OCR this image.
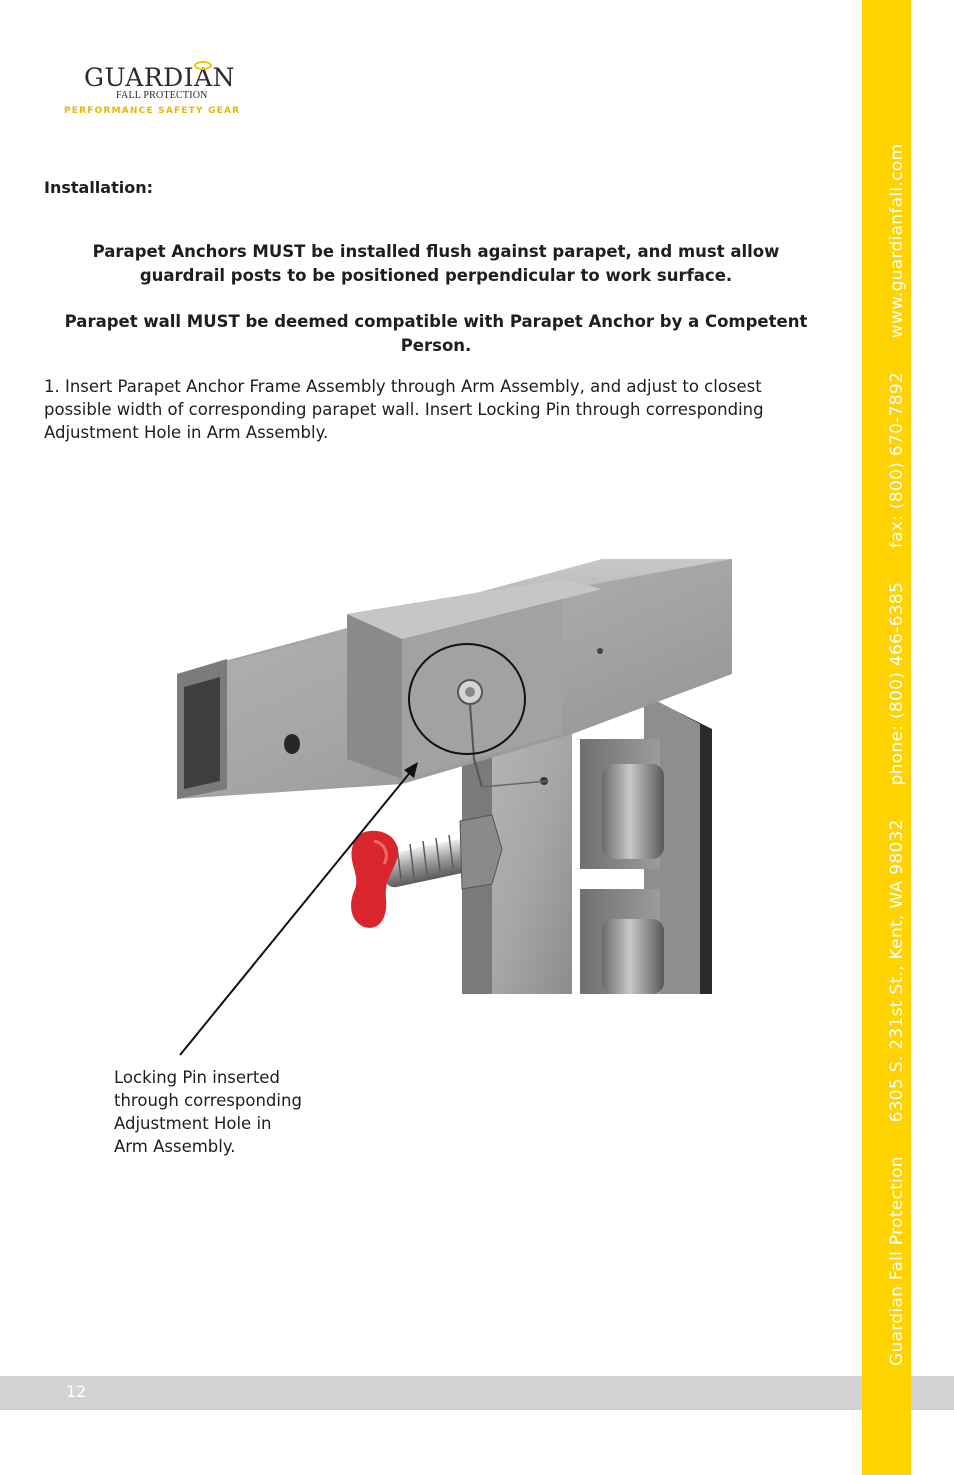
GUARDIAN
FALL PROTECTION
PERFORMANCE SAFETY GEAR
Installation:
Parapet Anchors MUST be installed flush against parapet, and must allow
guardrail posts to be positioned perpendicular to work surface.
Parapet wall MUST be deemed compatible with Parapet Anchor by a Competent Person.
1. Insert Parapet Anchor Frame Assembly through Arm Assembly, and adjust to closest possible width of corresponding parapet wall. Insert Locking Pin through corresponding Adjustment Hole in Arm Assembly.
Locking Pin inserted
through corresponding
Adjustment Hole in
Arm Assembly.
12
Guardian Fall Protection 6305 S. 231st St., Kent, WA 98032 phone: (800) 466-6385 fax: (800) 670-7892 www.guardianfall.com
